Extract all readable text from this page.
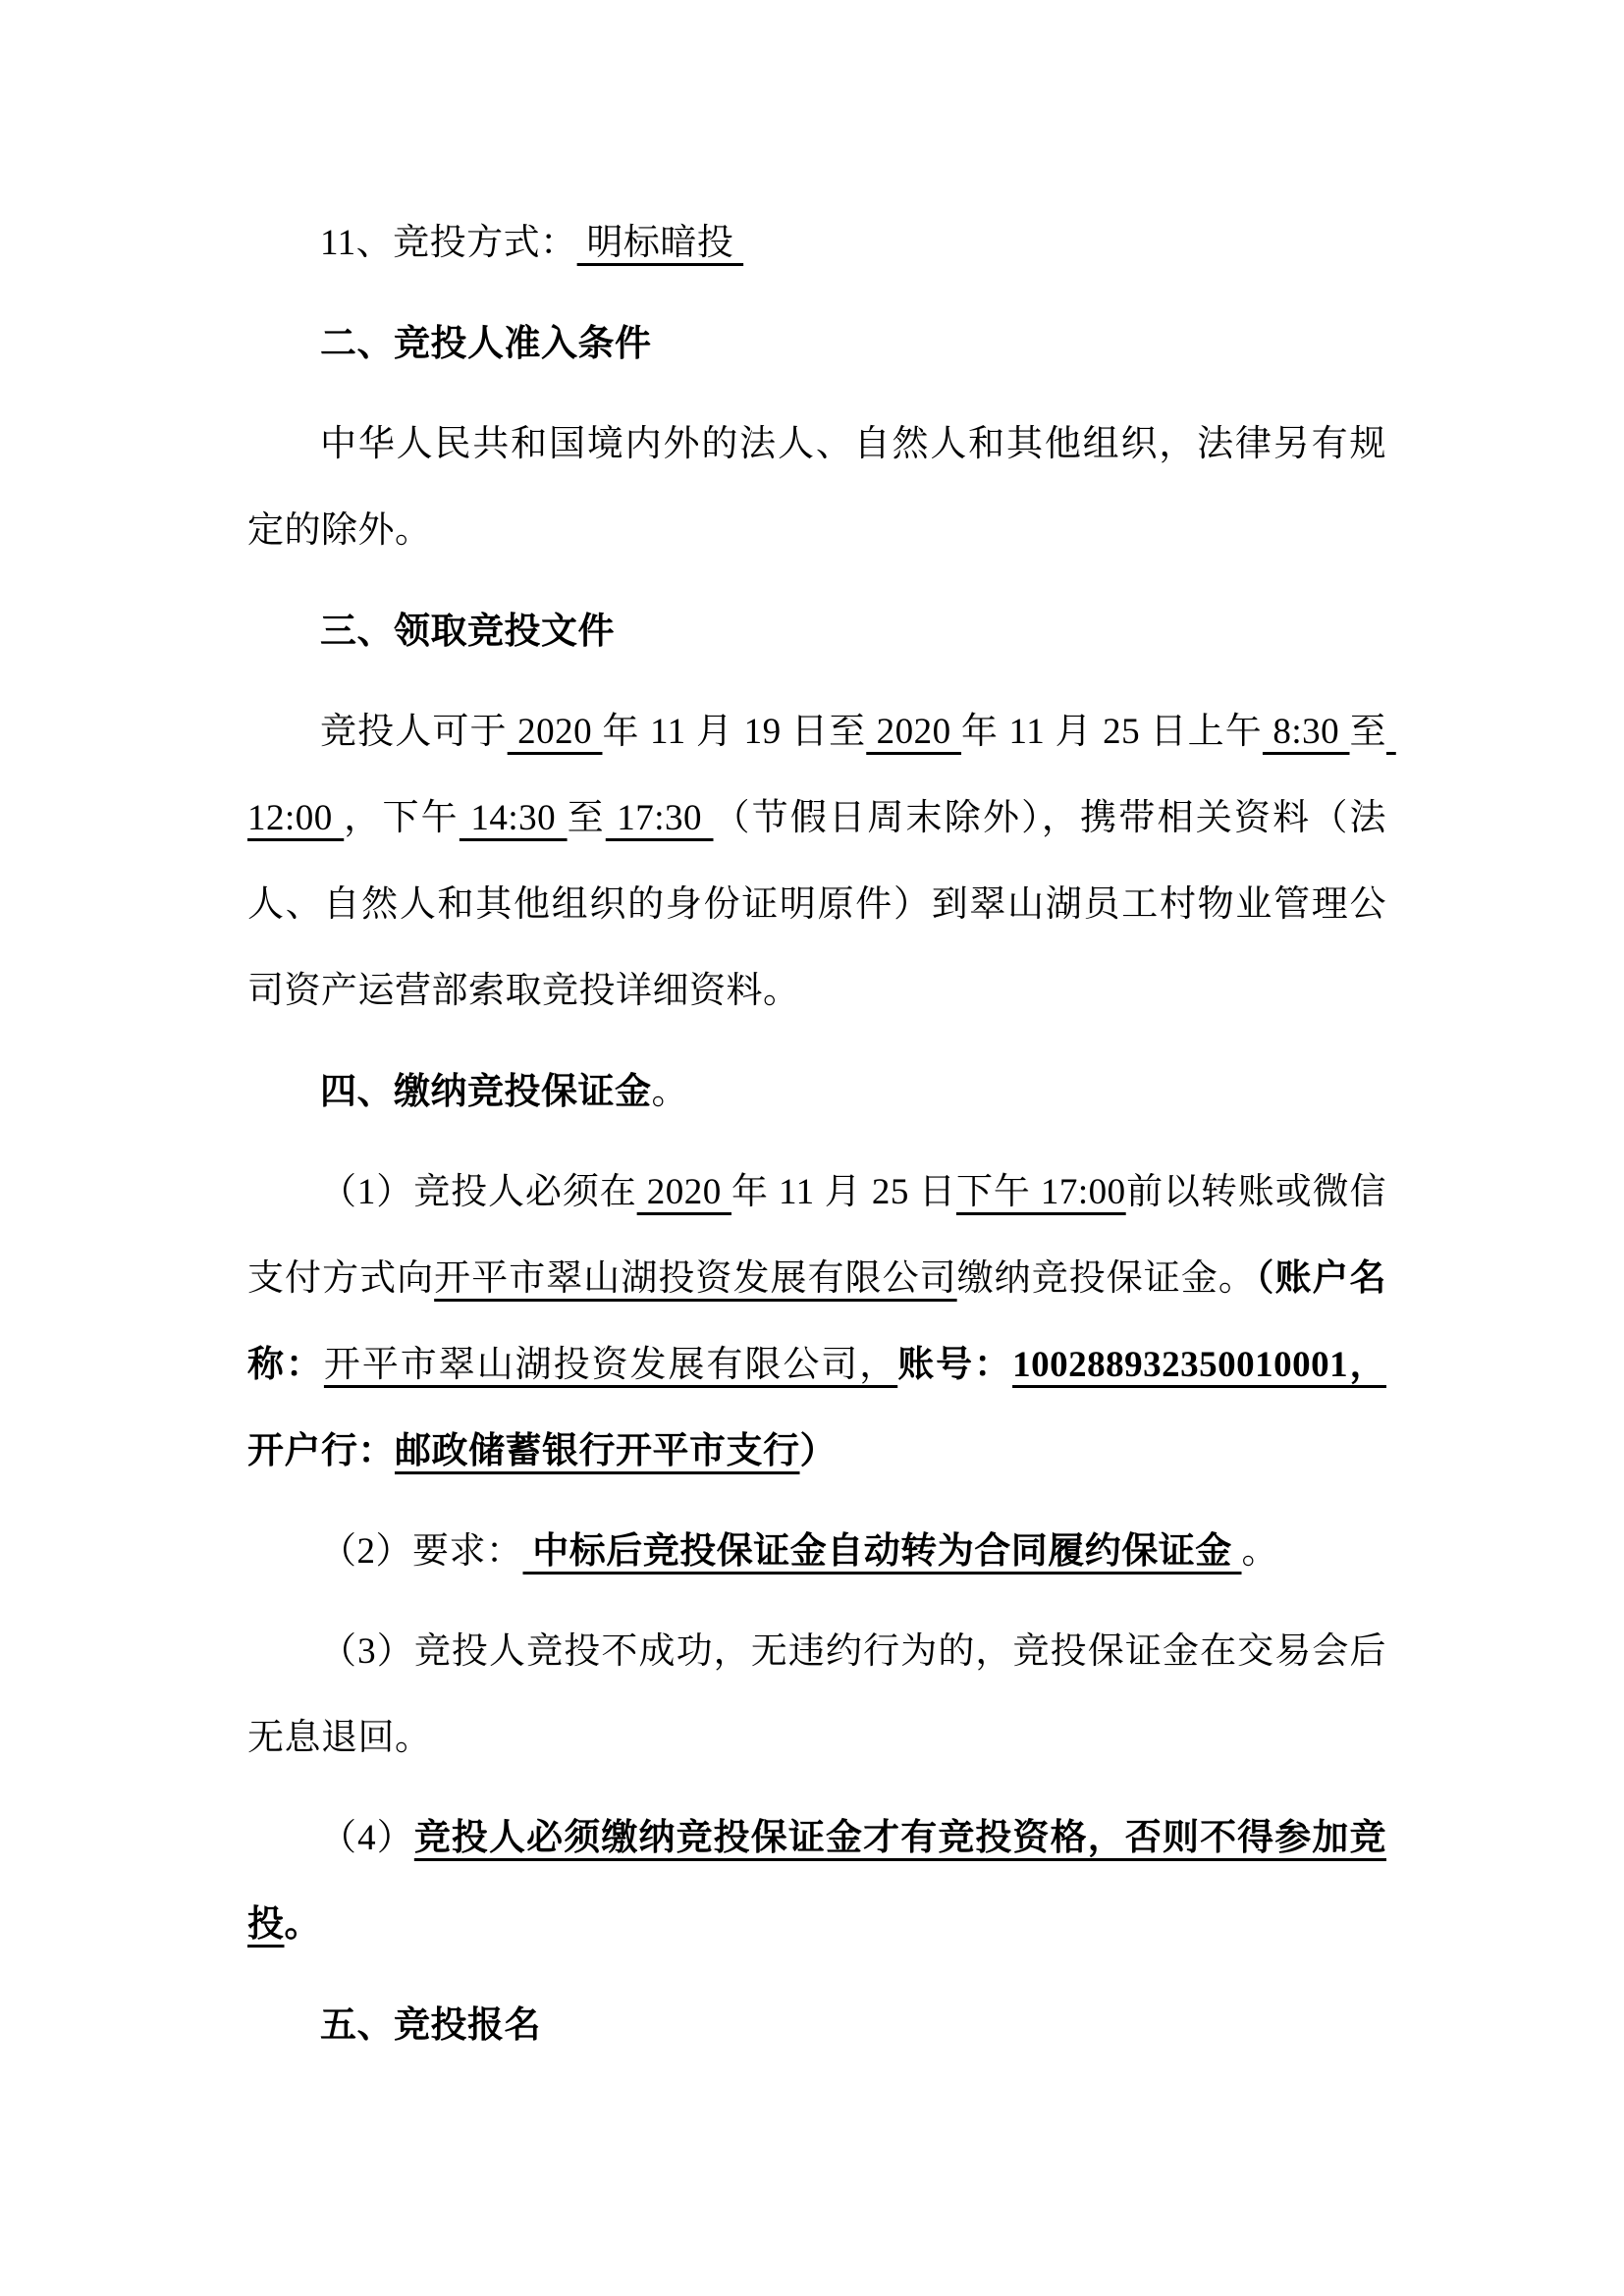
11、竞投方式： 明标暗投

二、竞投人准入条件

中华人民共和国境内外的法人、自然人和其他组织，法律另有规定的除外。

三、领取竞投文件

竞投人可于 2020 年 11 月 19 日至 2020 年 11 月 25 日上午 8:30 至 12:00 ，下午 14:30 至 17:30 （节假日周末除外），携带相关资料（法人、自然人和其他组织的身份证明原件）到翠山湖员工村物业管理公司资产运营部索取竞投详细资料。

四、缴纳竞投保证金。

（1）竞投人必须在 2020 年 11 月 25 日下午 17:00前以转账或微信支付方式向开平市翠山湖投资发展有限公司缴纳竞投保证金。（账户名称：开平市翠山湖投资发展有限公司，账号：100288932350010001，开户行：邮政储蓄银行开平市支行）

（2）要求： 中标后竞投保证金自动转为合同履约保证金 。

（3）竞投人竞投不成功，无违约行为的，竞投保证金在交易会后无息退回。

（4）竞投人必须缴纳竞投保证金才有竞投资格，否则不得参加竞投。

五、竞投报名
